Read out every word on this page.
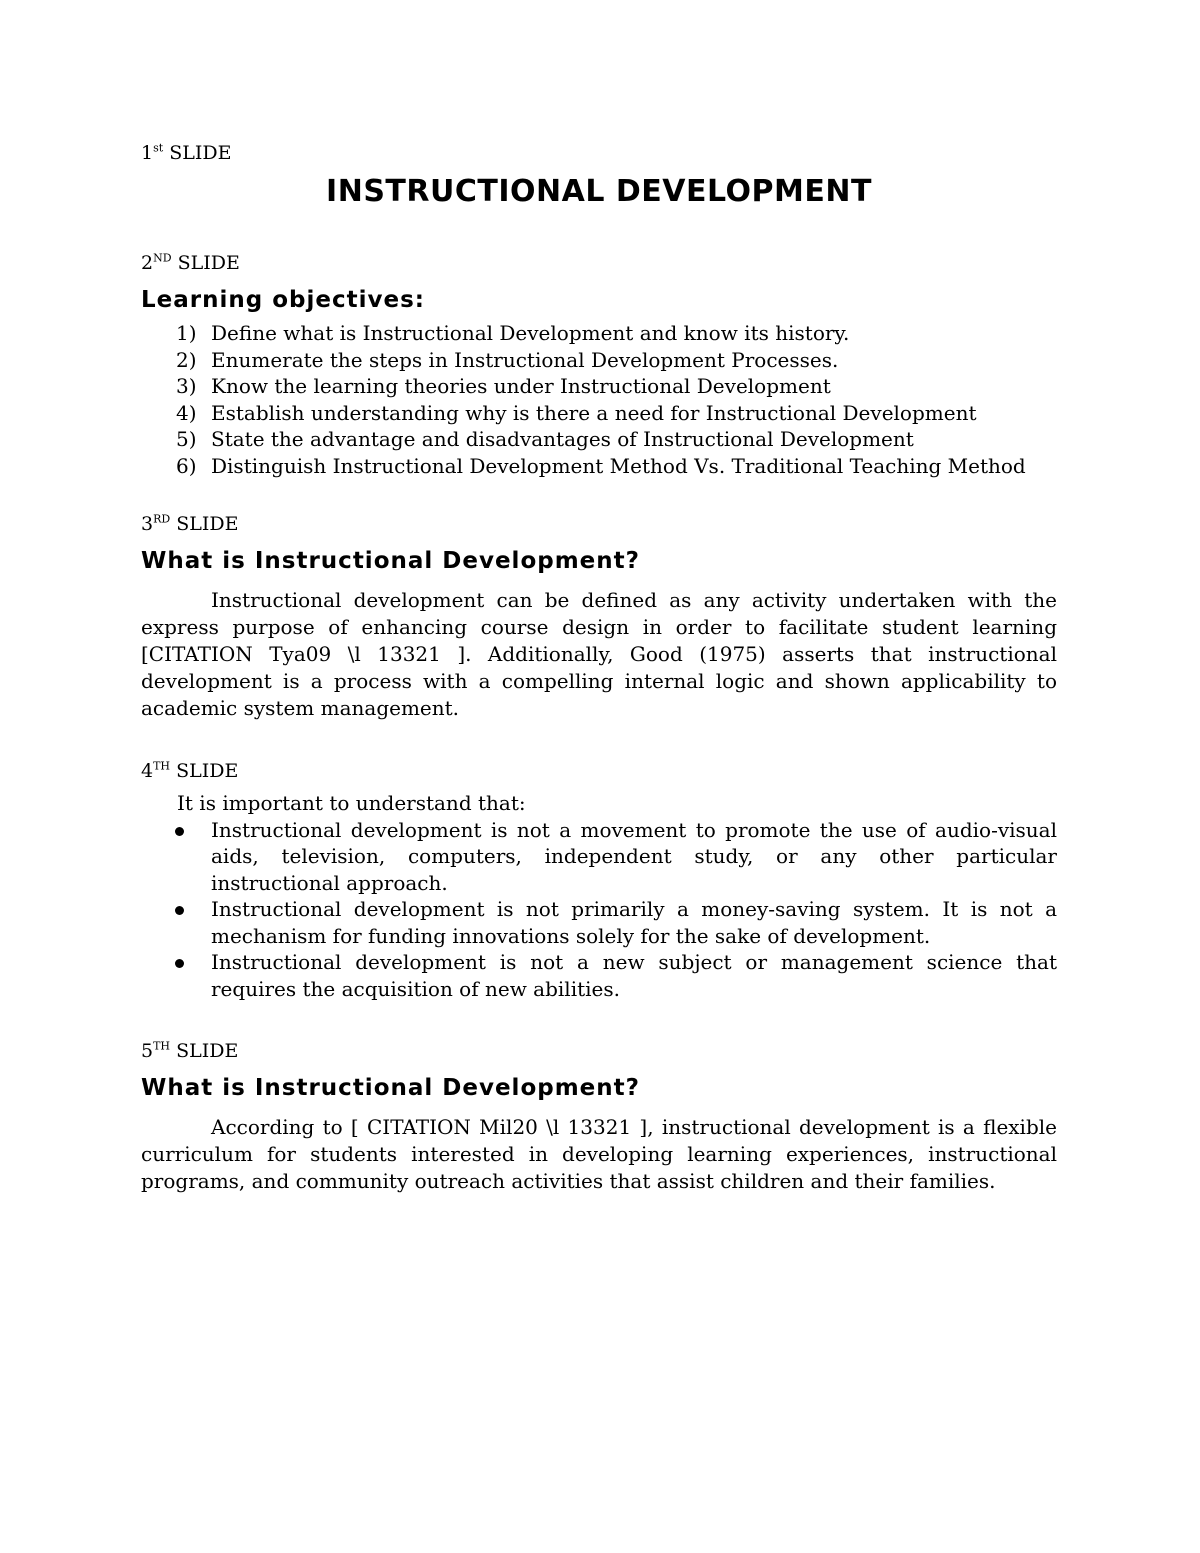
1st SLIDE

INSTRUCTIONAL DEVELOPMENT

2ND SLIDE

Learning objectives:
1) Define what is Instructional Development and know its history.
2) Enumerate the steps in Instructional Development Processes.
3) Know the learning theories under Instructional Development
4) Establish understanding why is there a need for Instructional Development
5) State the advantage and disadvantages of Instructional Development
6) Distinguish Instructional Development Method Vs. Traditional Teaching Method

3RD SLIDE

What is Instructional Development?

Instructional development can be defined as any activity undertaken with the express purpose of enhancing course design in order to facilitate student learning [CITATION Tya09 \l 13321 ]. Additionally, Good (1975) asserts that instructional development is a process with a compelling internal logic and shown applicability to academic system management.

4TH SLIDE

It is important to understand that:

Instructional development is not a movement to promote the use of audio-visual aids, television, computers, independent study, or any other particular instructional approach.
Instructional development is not primarily a money-saving system. It is not a mechanism for funding innovations solely for the sake of development.
Instructional development is not a new subject or management science that requires the acquisition of new abilities.

5TH SLIDE

What is Instructional Development?

According to [ CITATION Mil20 \l 13321 ], instructional development is a flexible curriculum for students interested in developing learning experiences, instructional programs, and community outreach activities that assist children and their families.
